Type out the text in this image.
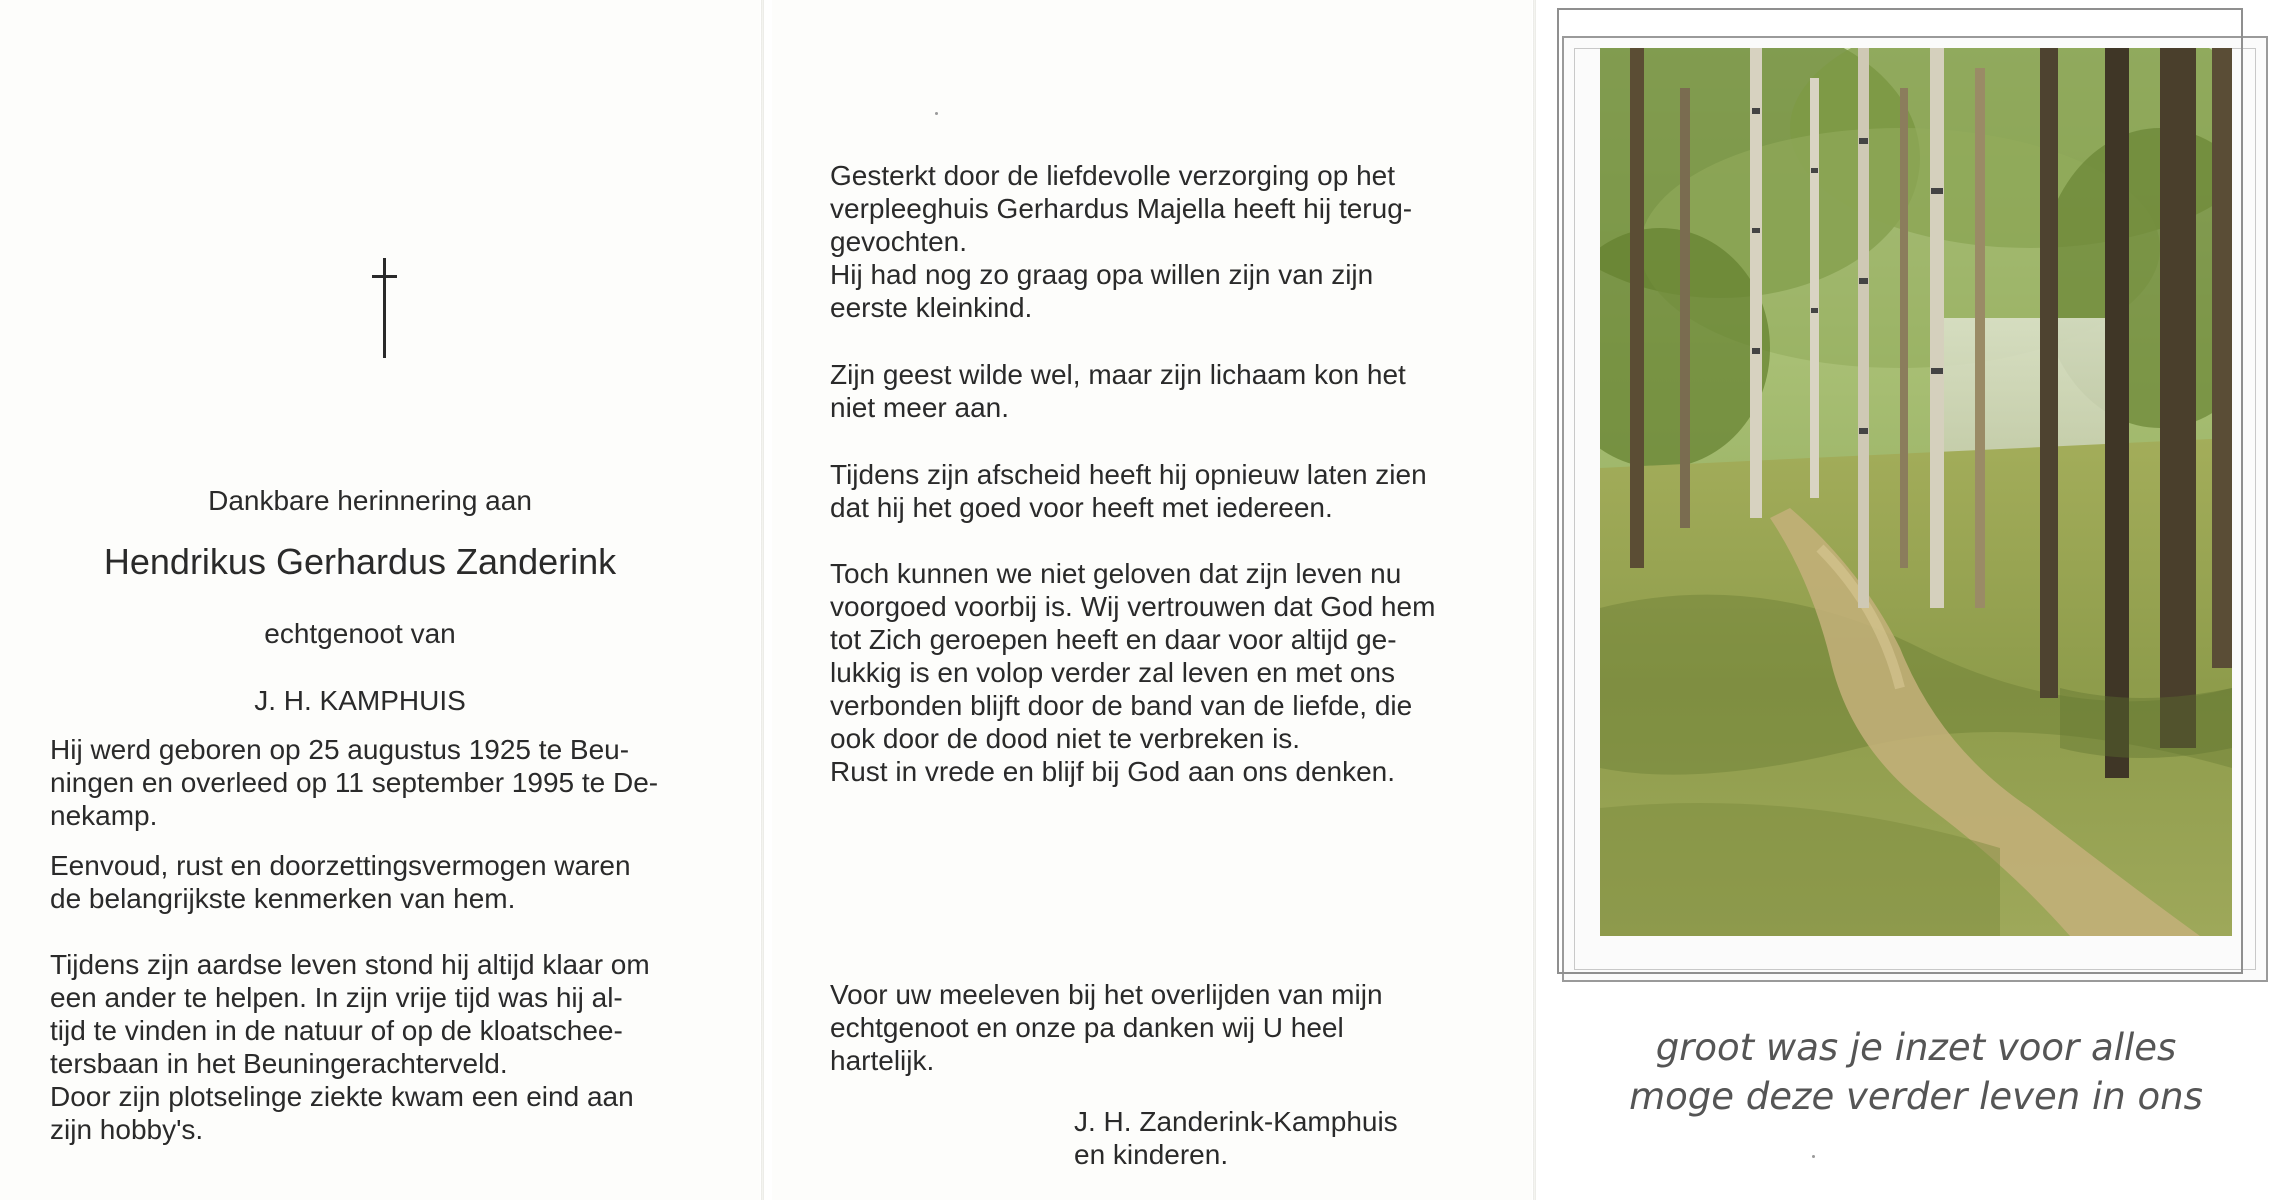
Dankbare herinnering aan
Hendrikus Gerhardus Zanderink
echtgenoot van
J. H. KAMPHUIS
Hij werd geboren op 25 augustus 1925 te Beu-
ningen en overleed op 11 september 1995 te De-
nekamp.
Eenvoud, rust en doorzettingsvermogen waren
de belangrijkste kenmerken van hem.
Tijdens zijn aardse leven stond hij altijd klaar om
een ander te helpen. In zijn vrije tijd was hij al-
tijd te vinden in de natuur of op de kloatschee-
tersbaan in het Beuningerachterveld.
Door zijn plotselinge ziekte kwam een eind aan
zijn hobby's.
Gesterkt door de liefdevolle verzorging op het
verpleeghuis Gerhardus Majella heeft hij terug-
gevochten.
Hij had nog zo graag opa willen zijn van zijn
eerste kleinkind.
Zijn geest wilde wel, maar zijn lichaam kon het
niet meer aan.
Tijdens zijn afscheid heeft hij opnieuw laten zien
dat hij het goed voor heeft met iedereen.
Toch kunnen we niet geloven dat zijn leven nu
voorgoed voorbij is. Wij vertrouwen dat God hem
tot Zich geroepen heeft en daar voor altijd ge-
lukkig is en volop verder zal leven en met ons
verbonden blijft door de band van de liefde, die
ook door de dood niet te verbreken is.
Rust in vrede en blijf bij God aan ons denken.
Voor uw meeleven bij het overlijden van mijn
echtgenoot en onze pa danken wij U heel
hartelijk.
J. H. Zanderink-Kamphuis
en kinderen.
groot was je inzet voor alles
moge deze verder leven in ons
